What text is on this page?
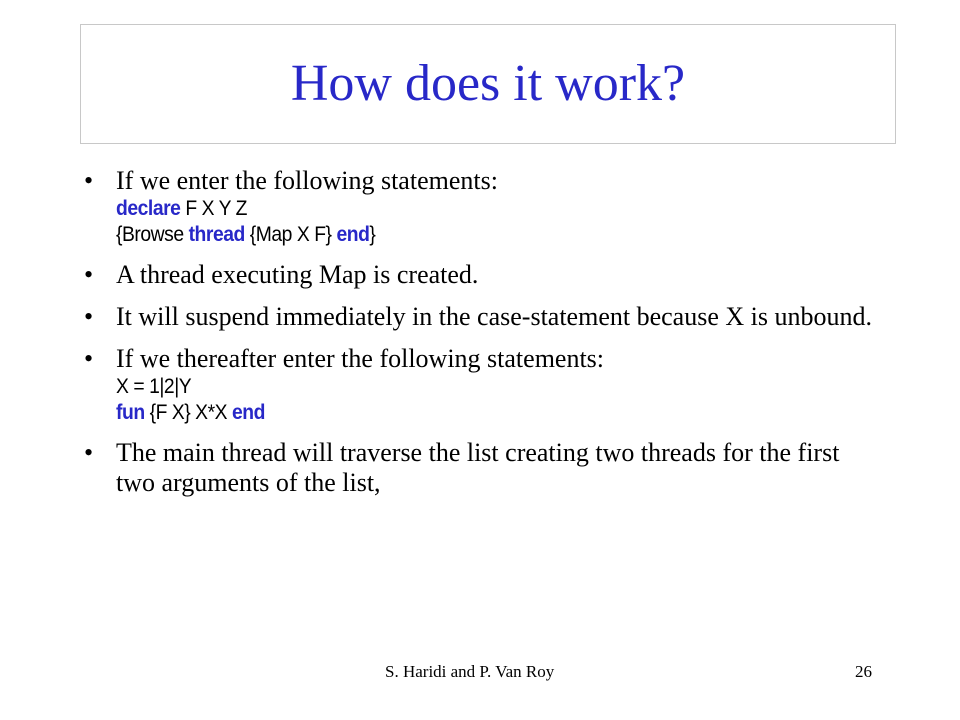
How does it work?
• If we enter the following statements:
declare F X Y Z
{Browse thread {Map X F} end}
• A thread executing Map is created.
• It will suspend immediately in the case-statement because X is unbound.
• If we thereafter enter the following statements:
X = 1|2|Y
fun {F X} X*X end
• The main thread will traverse the list creating two threads for the first two arguments of the list,
S. Haridi and P. Van Roy	26
